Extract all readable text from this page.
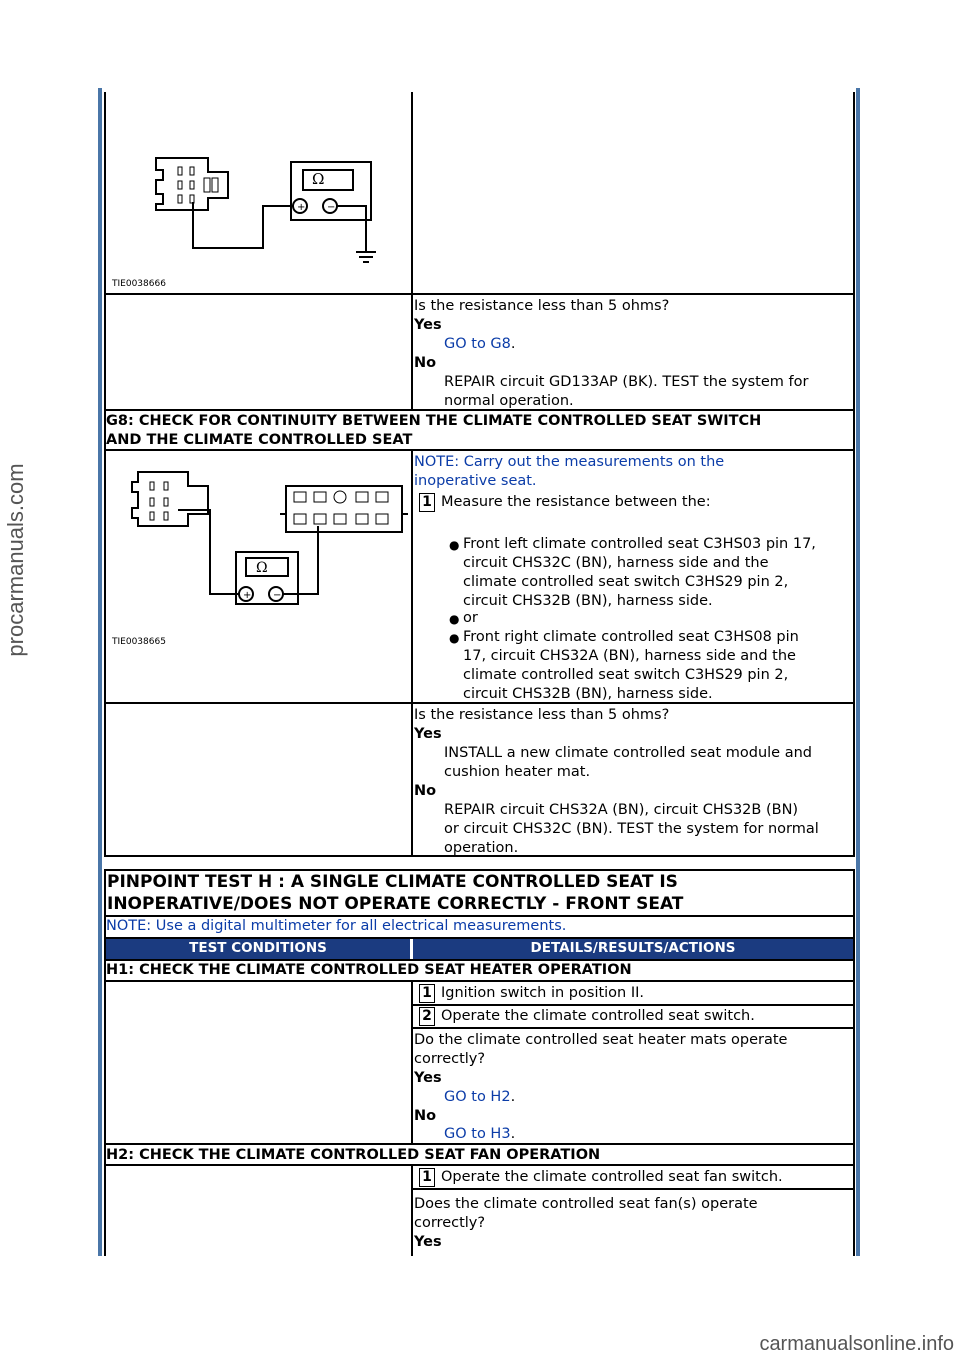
procarmanuals.com
carmanualsonline.info
Ω
+ −
TIE0038666
Is the resistance less than 5 ohms?
Yes
GO to G8.
No
REPAIR circuit GD133AP (BK). TEST the system for
normal operation.
G8: CHECK FOR CONTINUITY BETWEEN THE CLIMATE CONTROLLED SEAT SWITCH
AND THE CLIMATE CONTROLLED SEAT
Ω
+ −
TIE0038665
NOTE: Carry out the measurements on the
inoperative seat.
1 Measure the resistance between the:
● Front left climate controlled seat C3HS03 pin 17,
circuit CHS32C (BN), harness side and the
climate controlled seat switch C3HS29 pin 2,
circuit CHS32B (BN), harness side.
● or
● Front right climate controlled seat C3HS08 pin
17, circuit CHS32A (BN), harness side and the
climate controlled seat switch C3HS29 pin 2,
circuit CHS32B (BN), harness side.
Is the resistance less than 5 ohms?
Yes
INSTALL a new climate controlled seat module and
cushion heater mat.
No
REPAIR circuit CHS32A (BN), circuit CHS32B (BN)
or circuit CHS32C (BN). TEST the system for normal
operation.
PINPOINT TEST H : A SINGLE CLIMATE CONTROLLED SEAT IS
INOPERATIVE/DOES NOT OPERATE CORRECTLY - FRONT SEAT
NOTE: Use a digital multimeter for all electrical measurements.
TEST CONDITIONS	DETAILS/RESULTS/ACTIONS
H1: CHECK THE CLIMATE CONTROLLED SEAT HEATER OPERATION
1 Ignition switch in position II.
2 Operate the climate controlled seat switch.
Do the climate controlled seat heater mats operate
correctly?
Yes
GO to H2.
No
GO to H3.
H2: CHECK THE CLIMATE CONTROLLED SEAT FAN OPERATION
1 Operate the climate controlled seat fan switch.
Does the climate controlled seat fan(s) operate
correctly?
Yes
